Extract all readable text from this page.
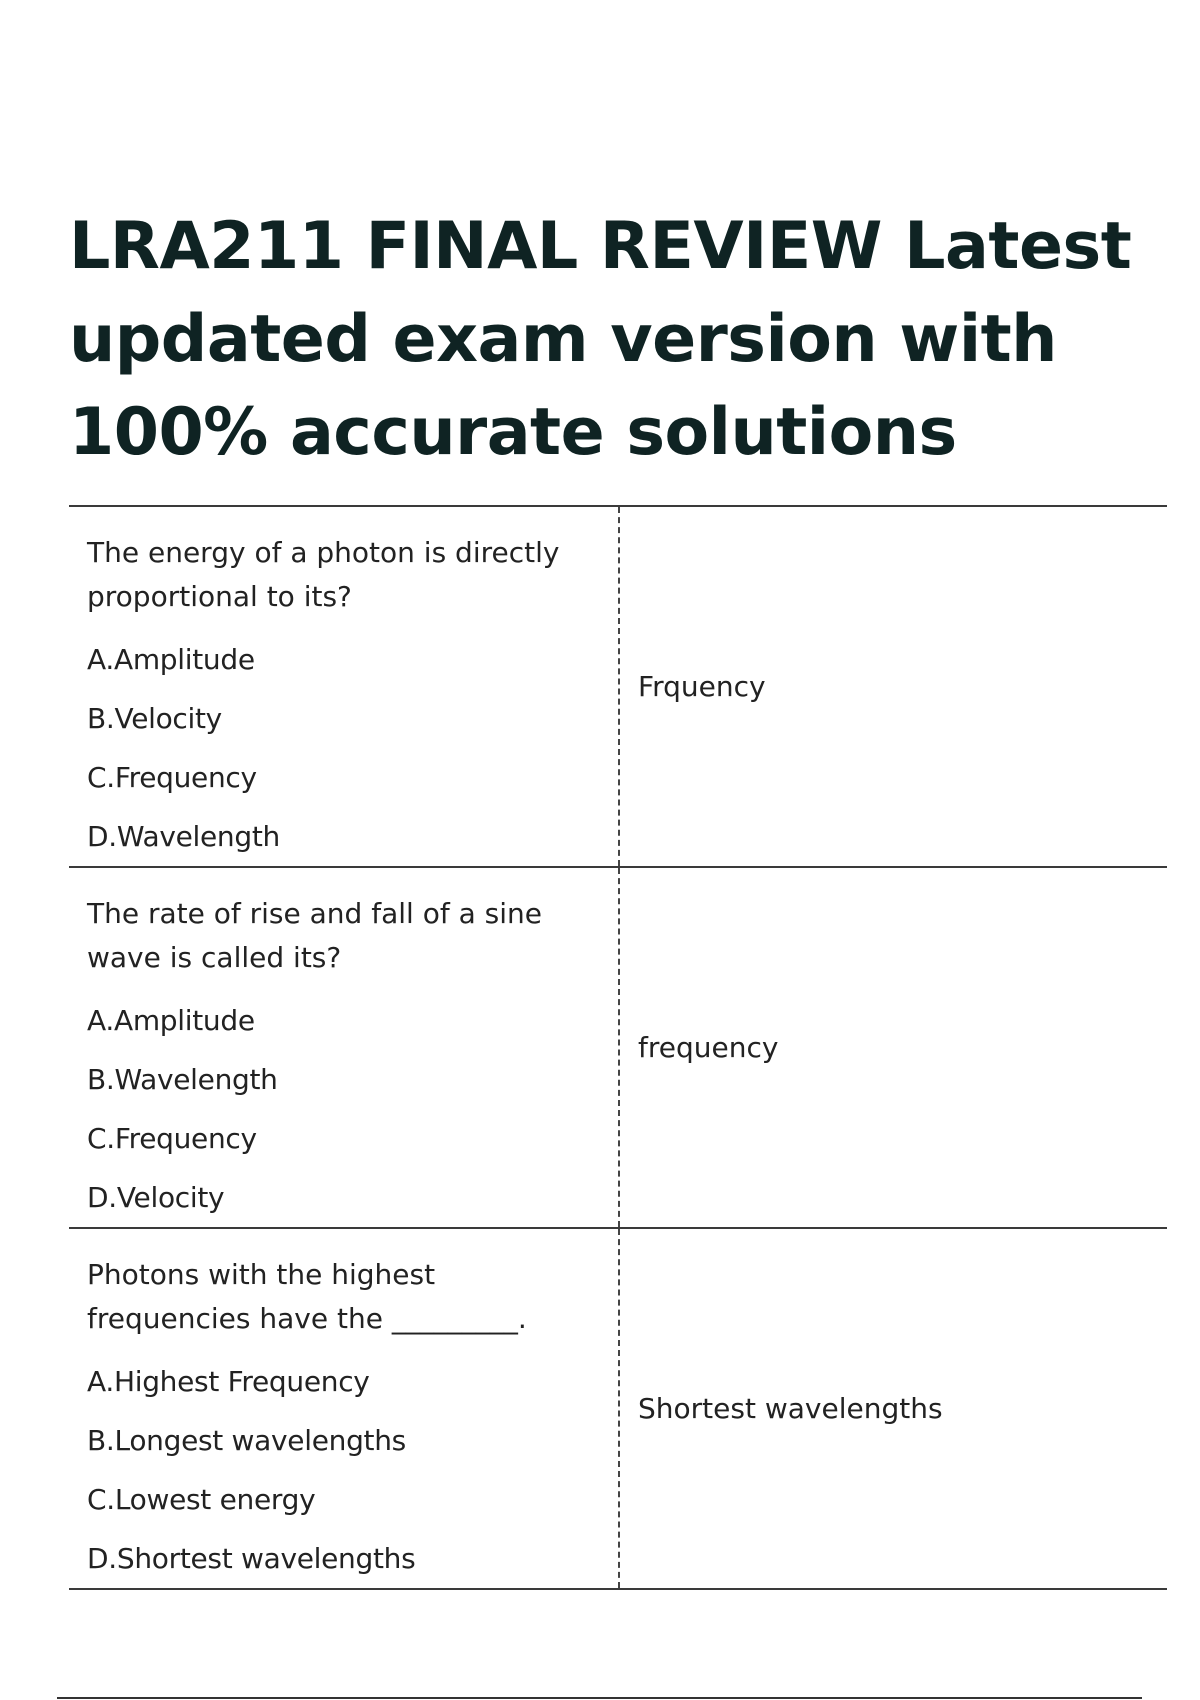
LRA211 FINAL REVIEW Latest updated exam version with 100% accurate solutions

The energy of a photon is directly proportional to its?

A.Amplitude

B.Velocity

C.Frequency

D.Wavelength	Frquency

The rate of rise and fall of a sine wave is called its?

A.Amplitude

B.Wavelength

C.Frequency

D.Velocity	frequency

Photons with the highest frequencies have the _________.

A.Highest Frequency

B.Longest wavelengths

C.Lowest energy

D.Shortest wavelengths	Shortest wavelengths
